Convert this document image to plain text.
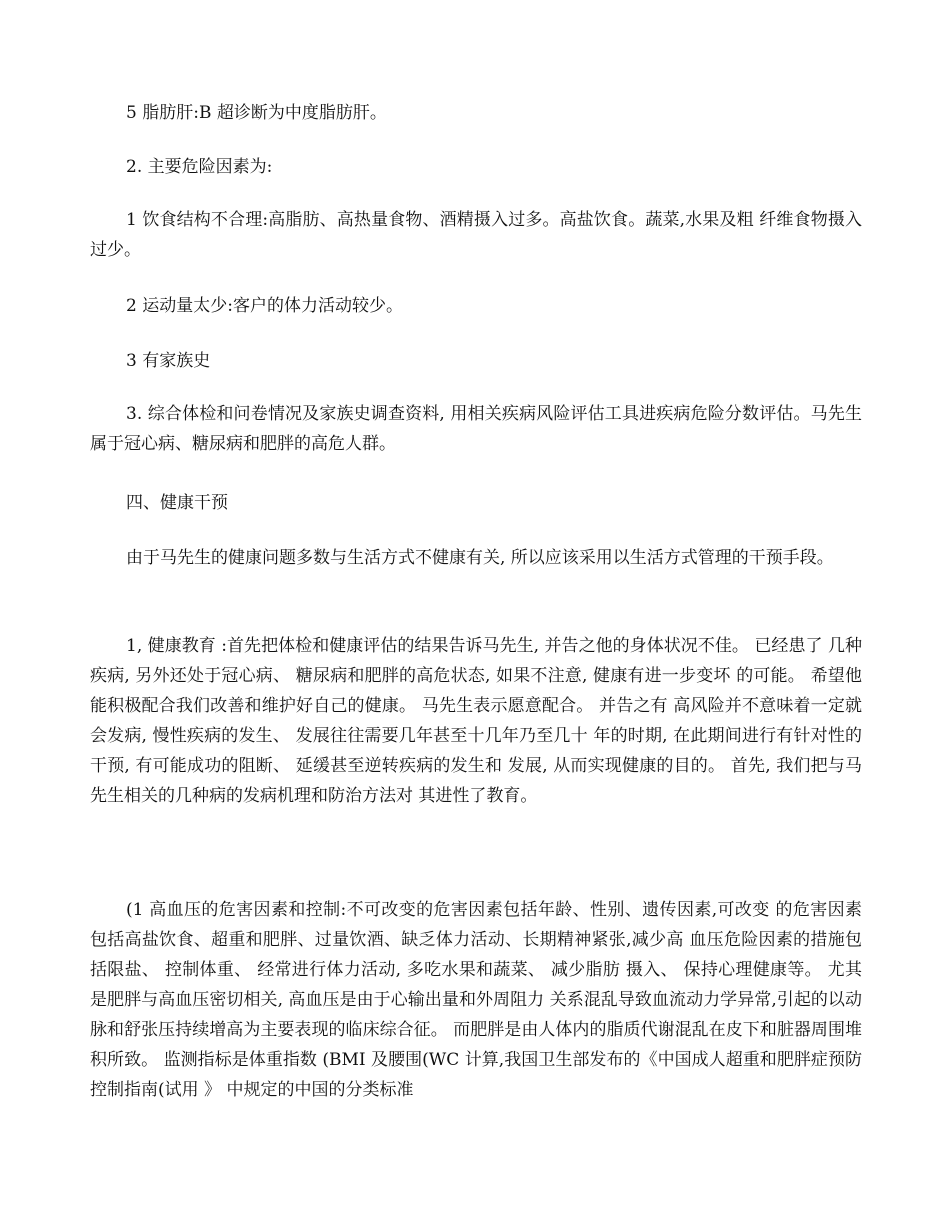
5 脂肪肝:B 超诊断为中度脂肪肝。

2. 主要危险因素为:

1 饮食结构不合理:高脂肪、高热量食物、酒精摄入过多。高盐饮食。蔬菜,水果及粗 纤维食物摄入过少。

2 运动量太少:客户的体力活动较少。

3 有家族史

3. 综合体检和问卷情况及家族史调查资料, 用相关疾病风险评估工具进疾病危险分数评估。马先生属于冠心病、糖尿病和肥胖的高危人群。

四、健康干预

由于马先生的健康问题多数与生活方式不健康有关, 所以应该采用以生活方式管理的干预手段。

1, 健康教育 :首先把体检和健康评估的结果告诉马先生, 并告之他的身体状况不佳。 已经患了 几种疾病, 另外还处于冠心病、 糖尿病和肥胖的高危状态, 如果不注意, 健康有进一步变坏 的可能。 希望他能积极配合我们改善和维护好自己的健康。 马先生表示愿意配合。 并告之有 高风险并不意味着一定就会发病, 慢性疾病的发生、 发展往往需要几年甚至十几年乃至几十 年的时期, 在此期间进行有针对性的干预, 有可能成功的阻断、 延缓甚至逆转疾病的发生和 发展, 从而实现健康的目的。 首先, 我们把与马先生相关的几种病的发病机理和防治方法对 其进性了教育。

(1 高血压的危害因素和控制:不可改变的危害因素包括年龄、性别、遗传因素,可改变 的危害因素包括高盐饮食、超重和肥胖、过量饮酒、缺乏体力活动、长期精神紧张,减少高 血压危险因素的措施包括限盐、 控制体重、 经常进行体力活动, 多吃水果和蔬菜、 减少脂肪 摄入、 保持心理健康等。 尤其是肥胖与高血压密切相关, 高血压是由于心输出量和外周阻力 关系混乱导致血流动力学异常,引起的以动脉和舒张压持续增高为主要表现的临床综合征。 而肥胖是由人体内的脂质代谢混乱在皮下和脏器周围堆积所致。 监测指标是体重指数 (BMI 及腰围(WC 计算,我国卫生部发布的《中国成人超重和肥胖症预防控制指南(试用 》 中规定的中国的分类标准
